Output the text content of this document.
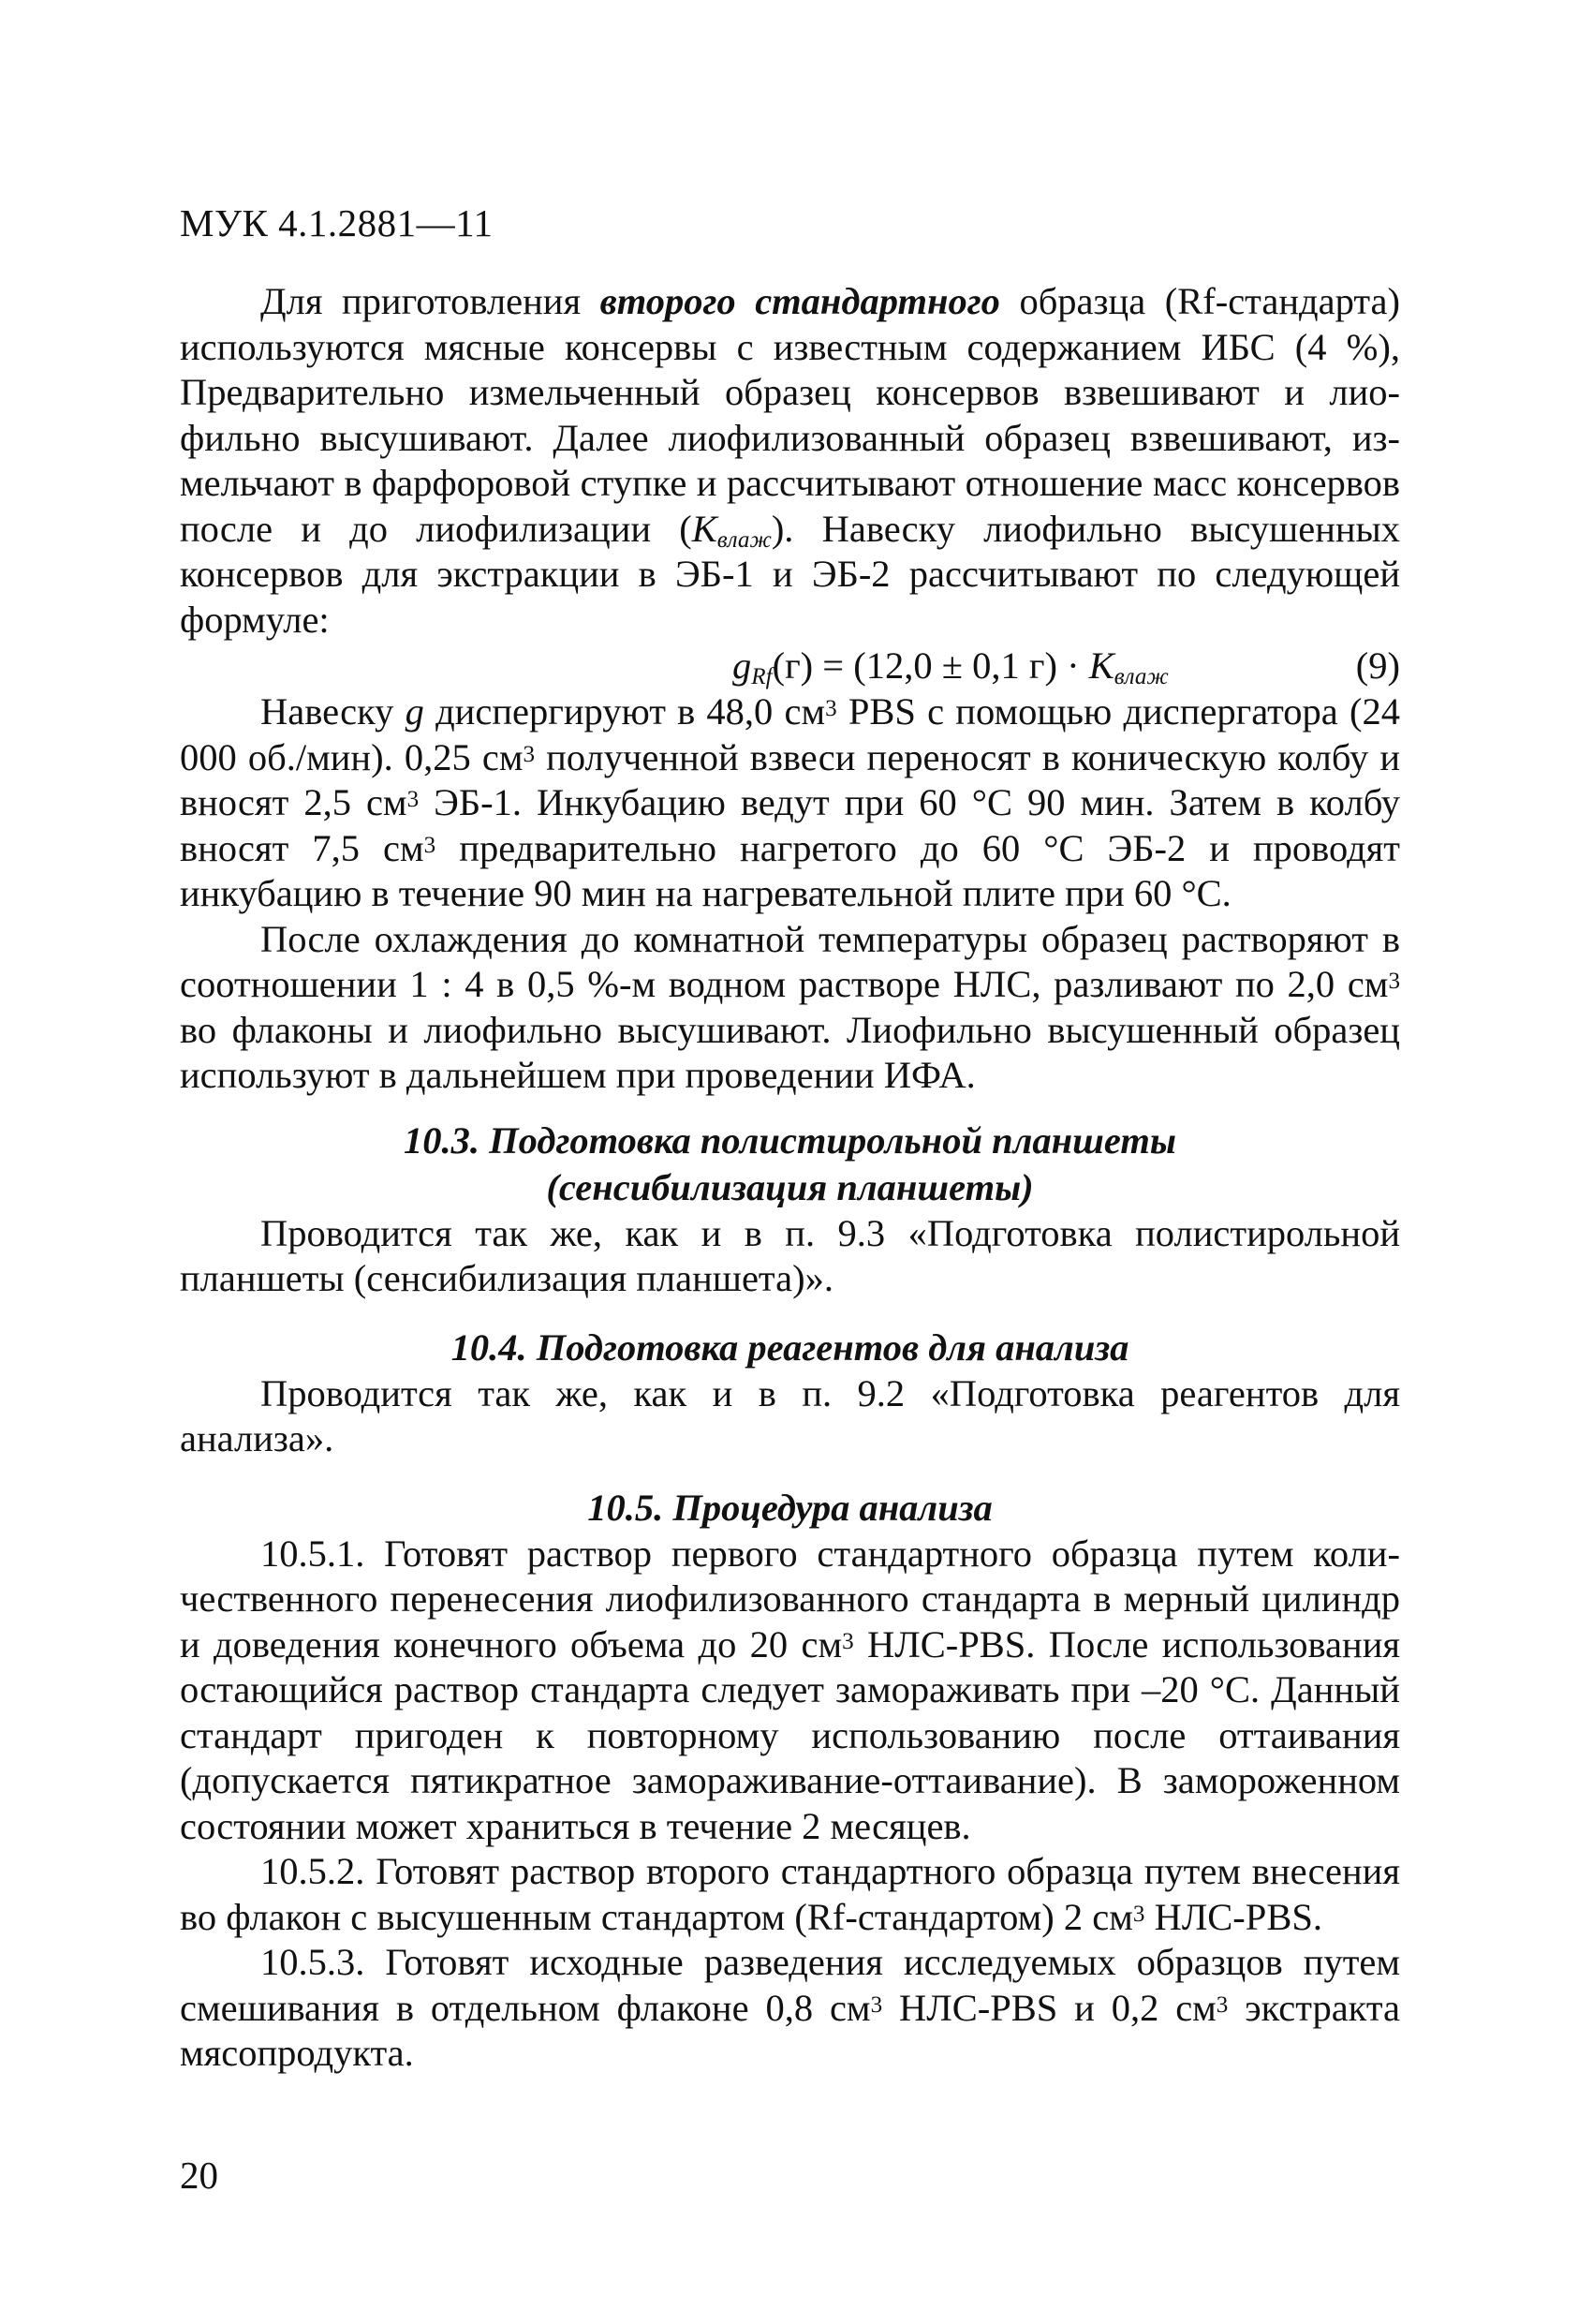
МУК 4.1.2881—11

Для приготовления второго стандартного образца (Rf-стандарта) используются мясные консервы с известным содержанием ИБС (4 %), Предварительно измельченный образец консервов взвешивают и лиофильно высушивают. Далее лиофилизованный образец взвешивают, измельчают в фарфоровой ступке и рассчитывают отношение масс консервов после и до лиофилизации $(K_{влаж})$. Навеску лиофильно высушенных консервов для экстракции в ЭБ-1 и ЭБ-2 рассчитывают по следующей формуле:

$g_{Rf}(г) = (12,0 \pm 0,1$ $г) \cdot K_{влаж}$	(9)

Навеску g диспергируют в 48,0 $см^3$ PBS с помощью диспергатора (24 000 об./мин). 0,25 $см^3$ полученной взвеси переносят в коническую колбу и вносят 2,5 $см^3$ ЭБ-1. Инкубацию ведут при 60 °С 90 мин. Затем в колбу вносят 7,5 $см^3$ предварительно нагретого до 60 °С ЭБ-2 и проводят инкубацию в течение 90 мин на нагревательной плите при 60 °С.

После охлаждения до комнатной температуры образец растворяют в соотношении 1 : 4 в 0,5 %-м водном растворе НЛС, разливают по 2,0 $см^3$ во флаконы и лиофильно высушивают. Лиофильно высушенный образец используют в дальнейшем при проведении ИФА.

10.3. Подготовка полистирольной планшеты
(сенсибилизация планшеты)

Проводится так же, как и в п. 9.3 «Подготовка полистирольной планшеты (сенсибилизация планшета)».

10.4. Подготовка реагентов для анализа

Проводится так же, как и в п. 9.2 «Подготовка реагентов для анализа».

10.5. Процедура анализа

10.5.1. Готовят раствор первого стандартного образца путем количественного перенесения лиофилизованного стандарта в мерный цилиндр и доведения конечного объема до 20 $см^3$ НЛС-PBS. После использования остающийся раствор стандарта следует замораживать при –20 °С. Данный стандарт пригоден к повторному использованию после оттаивания (допускается пятикратное замораживание-оттаивание). В замороженном состоянии может храниться в течение 2 месяцев.

10.5.2. Готовят раствор второго стандартного образца путем внесения во флакон с высушенным стандартом (Rf-стандартом) 2 $см^3$ НЛС-PBS.

10.5.3. Готовят исходные разведения исследуемых образцов путем смешивания в отдельном флаконе 0,8 $см^3$ НЛС-PBS и 0,2 $см^3$ экстракта мясопродукта.

20
